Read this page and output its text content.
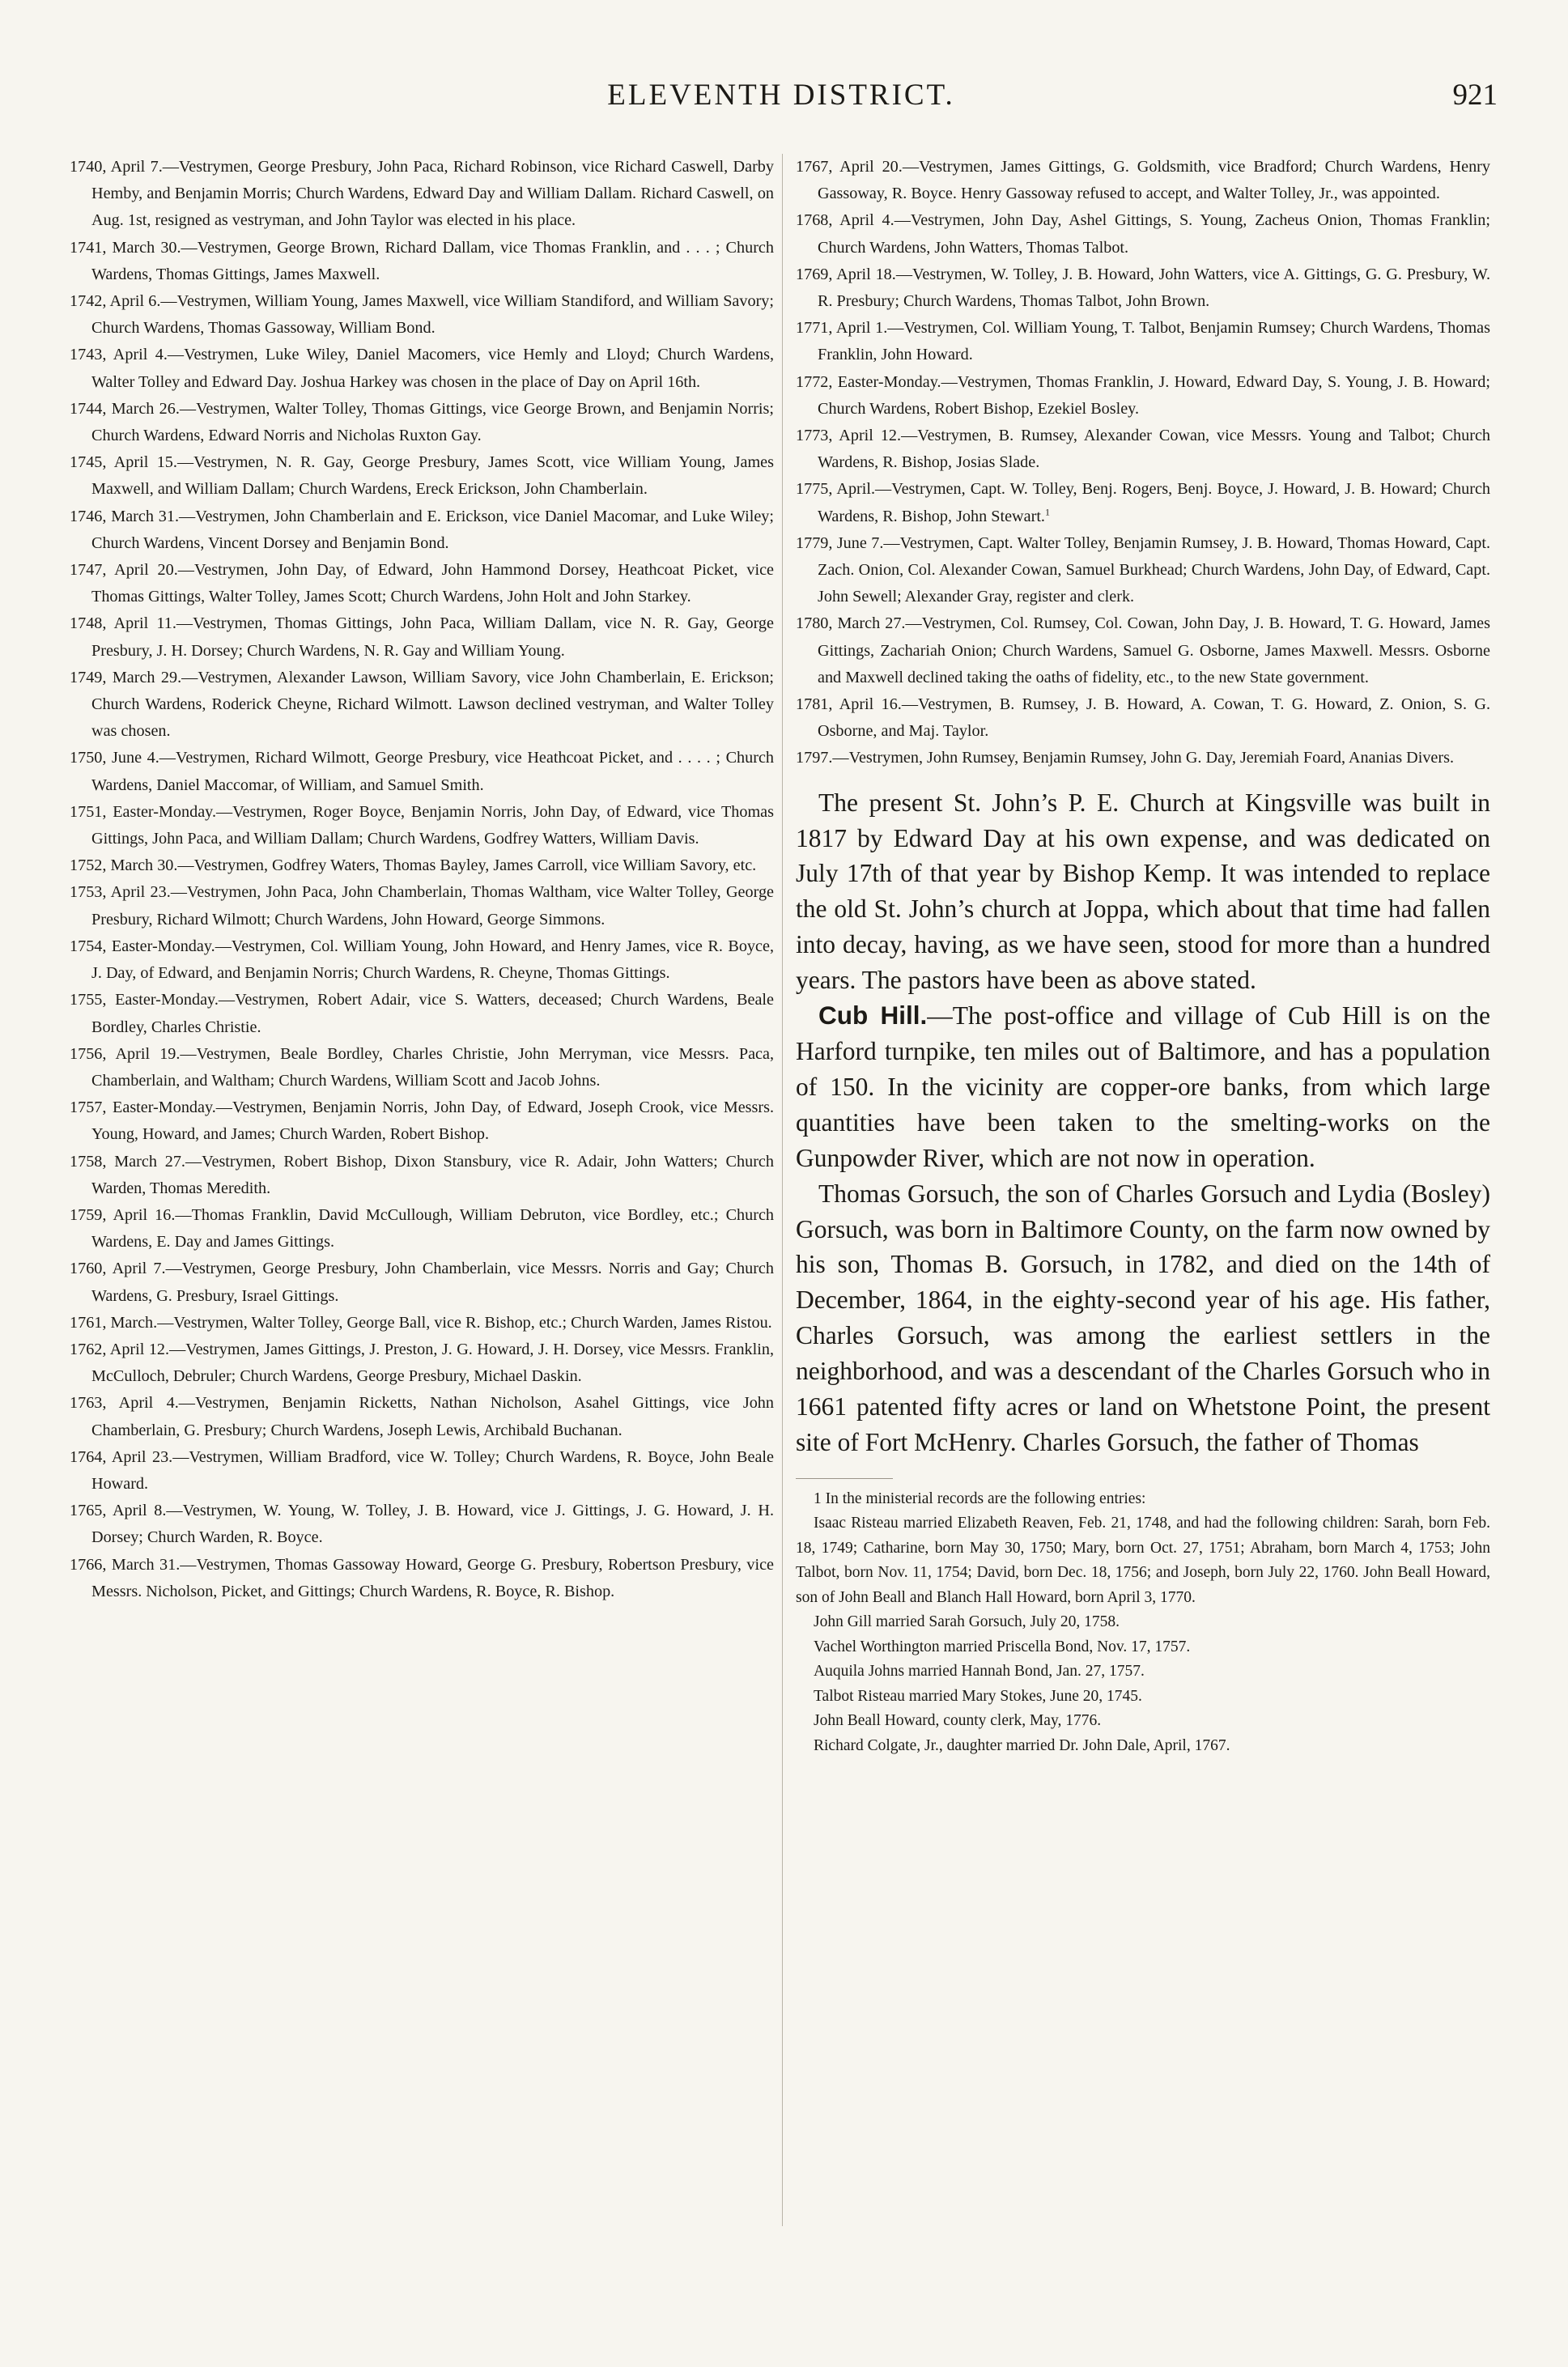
ELEVENTH DISTRICT.	921

1740, April 7.—Vestrymen, George Presbury, John Paca, Richard Robinson, vice Richard Caswell, Darby Hemby, and Benjamin Morris; Church Wardens, Edward Day and William Dallam. Richard Caswell, on Aug. 1st, resigned as vestryman, and John Taylor was elected in his place.

1741, March 30.—Vestrymen, George Brown, Richard Dallam, vice Thomas Franklin, and . . . ; Church Wardens, Thomas Gittings, James Maxwell.

1742, April 6.—Vestrymen, William Young, James Maxwell, vice William Standiford, and William Savory; Church Wardens, Thomas Gassoway, William Bond.

1743, April 4.—Vestrymen, Luke Wiley, Daniel Macomers, vice Hemly and Lloyd; Church Wardens, Walter Tolley and Edward Day. Joshua Harkey was chosen in the place of Day on April 16th.

1744, March 26.—Vestrymen, Walter Tolley, Thomas Gittings, vice George Brown, and Benjamin Norris; Church Wardens, Edward Norris and Nicholas Ruxton Gay.

1745, April 15.—Vestrymen, N. R. Gay, George Presbury, James Scott, vice William Young, James Maxwell, and William Dallam; Church Wardens, Ereck Erickson, John Chamberlain.

1746, March 31.—Vestrymen, John Chamberlain and E. Erickson, vice Daniel Macomar, and Luke Wiley; Church Wardens, Vincent Dorsey and Benjamin Bond.

1747, April 20.—Vestrymen, John Day, of Edward, John Hammond Dorsey, Heathcoat Picket, vice Thomas Gittings, Walter Tolley, James Scott; Church Wardens, John Holt and John Starkey.

1748, April 11.—Vestrymen, Thomas Gittings, John Paca, William Dallam, vice N. R. Gay, George Presbury, J. H. Dorsey; Church Wardens, N. R. Gay and William Young.

1749, March 29.—Vestrymen, Alexander Lawson, William Savory, vice John Chamberlain, E. Erickson; Church Wardens, Roderick Cheyne, Richard Wilmott. Lawson declined vestryman, and Walter Tolley was chosen.

1750, June 4.—Vestrymen, Richard Wilmott, George Presbury, vice Heathcoat Picket, and . . . . ; Church Wardens, Daniel Maccomar, of William, and Samuel Smith.

1751, Easter-Monday.—Vestrymen, Roger Boyce, Benjamin Norris, John Day, of Edward, vice Thomas Gittings, John Paca, and William Dallam; Church Wardens, Godfrey Watters, William Davis.

1752, March 30.—Vestrymen, Godfrey Waters, Thomas Bayley, James Carroll, vice William Savory, etc.

1753, April 23.—Vestrymen, John Paca, John Chamberlain, Thomas Waltham, vice Walter Tolley, George Presbury, Richard Wilmott; Church Wardens, John Howard, George Simmons.

1754, Easter-Monday.—Vestrymen, Col. William Young, John Howard, and Henry James, vice R. Boyce, J. Day, of Edward, and Benjamin Norris; Church Wardens, R. Cheyne, Thomas Gittings.

1755, Easter-Monday.—Vestrymen, Robert Adair, vice S. Watters, deceased; Church Wardens, Beale Bordley, Charles Christie.

1756, April 19.—Vestrymen, Beale Bordley, Charles Christie, John Merryman, vice Messrs. Paca, Chamberlain, and Waltham; Church Wardens, William Scott and Jacob Johns.

1757, Easter-Monday.—Vestrymen, Benjamin Norris, John Day, of Edward, Joseph Crook, vice Messrs. Young, Howard, and James; Church Warden, Robert Bishop.

1758, March 27.—Vestrymen, Robert Bishop, Dixon Stansbury, vice R. Adair, John Watters; Church Warden, Thomas Meredith.

1759, April 16.—Thomas Franklin, David McCullough, William Debruton, vice Bordley, etc.; Church Wardens, E. Day and James Gittings.

1760, April 7.—Vestrymen, George Presbury, John Chamberlain, vice Messrs. Norris and Gay; Church Wardens, G. Presbury, Israel Gittings.

1761, March.—Vestrymen, Walter Tolley, George Ball, vice R. Bishop, etc.; Church Warden, James Ristou.

1762, April 12.—Vestrymen, James Gittings, J. Preston, J. G. Howard, J. H. Dorsey, vice Messrs. Franklin, McCulloch, Debruler; Church Wardens, George Presbury, Michael Daskin.

1763, April 4.—Vestrymen, Benjamin Ricketts, Nathan Nicholson, Asahel Gittings, vice John Chamberlain, G. Presbury; Church Wardens, Joseph Lewis, Archibald Buchanan.

1764, April 23.—Vestrymen, William Bradford, vice W. Tolley; Church Wardens, R. Boyce, John Beale Howard.

1765, April 8.—Vestrymen, W. Young, W. Tolley, J. B. Howard, vice J. Gittings, J. G. Howard, J. H. Dorsey; Church Warden, R. Boyce.

1766, March 31.—Vestrymen, Thomas Gassoway Howard, George G. Presbury, Robertson Presbury, vice Messrs. Nicholson, Picket, and Gittings; Church Wardens, R. Boyce, R. Bishop.

1767, April 20.—Vestrymen, James Gittings, G. Goldsmith, vice Bradford; Church Wardens, Henry Gassoway, R. Boyce. Henry Gassoway refused to accept, and Walter Tolley, Jr., was appointed.

1768, April 4.—Vestrymen, John Day, Ashel Gittings, S. Young, Zacheus Onion, Thomas Franklin; Church Wardens, John Watters, Thomas Talbot.

1769, April 18.—Vestrymen, W. Tolley, J. B. Howard, John Watters, vice A. Gittings, G. G. Presbury, W. R. Presbury; Church Wardens, Thomas Talbot, John Brown.

1771, April 1.—Vestrymen, Col. William Young, T. Talbot, Benjamin Rumsey; Church Wardens, Thomas Franklin, John Howard.

1772, Easter-Monday.—Vestrymen, Thomas Franklin, J. Howard, Edward Day, S. Young, J. B. Howard; Church Wardens, Robert Bishop, Ezekiel Bosley.

1773, April 12.—Vestrymen, B. Rumsey, Alexander Cowan, vice Messrs. Young and Talbot; Church Wardens, R. Bishop, Josias Slade.

1775, April.—Vestrymen, Capt. W. Tolley, Benj. Rogers, Benj. Boyce, J. Howard, J. B. Howard; Church Wardens, R. Bishop, John Stewart.$^1$

1779, June 7.—Vestrymen, Capt. Walter Tolley, Benjamin Rumsey, J. B. Howard, Thomas Howard, Capt. Zach. Onion, Col. Alexander Cowan, Samuel Burkhead; Church Wardens, John Day, of Edward, Capt. John Sewell; Alexander Gray, register and clerk.

1780, March 27.—Vestrymen, Col. Rumsey, Col. Cowan, John Day, J. B. Howard, T. G. Howard, James Gittings, Zachariah Onion; Church Wardens, Samuel G. Osborne, James Maxwell. Messrs. Osborne and Maxwell declined taking the oaths of fidelity, etc., to the new State government.

1781, April 16.—Vestrymen, B. Rumsey, J. B. Howard, A. Cowan, T. G. Howard, Z. Onion, S. G. Osborne, and Maj. Taylor.

1797.—Vestrymen, John Rumsey, Benjamin Rumsey, John G. Day, Jeremiah Foard, Ananias Divers.

The present St. John’s P. E. Church at Kingsville was built in 1817 by Edward Day at his own expense, and was dedicated on July 17th of that year by Bishop Kemp. It was intended to replace the old St. John’s church at Joppa, which about that time had fallen into decay, having, as we have seen, stood for more than a hundred years. The pastors have been as above stated.

Cub Hill.—The post-office and village of Cub Hill is on the Harford turnpike, ten miles out of Baltimore, and has a population of 150. In the vicinity are copper-ore banks, from which large quantities have been taken to the smelting-works on the Gunpowder River, which are not now in operation.

Thomas Gorsuch, the son of Charles Gorsuch and Lydia (Bosley) Gorsuch, was born in Baltimore County, on the farm now owned by his son, Thomas B. Gorsuch, in 1782, and died on the 14th of December, 1864, in the eighty-second year of his age. His father, Charles Gorsuch, was among the earliest settlers in the neighborhood, and was a descendant of the Charles Gorsuch who in 1661 patented fifty acres or land on Whetstone Point, the present site of Fort McHenry. Charles Gorsuch, the father of Thomas

1 In the ministerial records are the following entries:

Isaac Risteau married Elizabeth Reaven, Feb. 21, 1748, and had the following children: Sarah, born Feb. 18, 1749; Catharine, born May 30, 1750; Mary, born Oct. 27, 1751; Abraham, born March 4, 1753; John Talbot, born Nov. 11, 1754; David, born Dec. 18, 1756; and Joseph, born July 22, 1760. John Beall Howard, son of John Beall and Blanch Hall Howard, born April 3, 1770.

John Gill married Sarah Gorsuch, July 20, 1758.

Vachel Worthington married Priscella Bond, Nov. 17, 1757.

Auquila Johns married Hannah Bond, Jan. 27, 1757.

Talbot Risteau married Mary Stokes, June 20, 1745.

John Beall Howard, county clerk, May, 1776.

Richard Colgate, Jr., daughter married Dr. John Dale, April, 1767.
